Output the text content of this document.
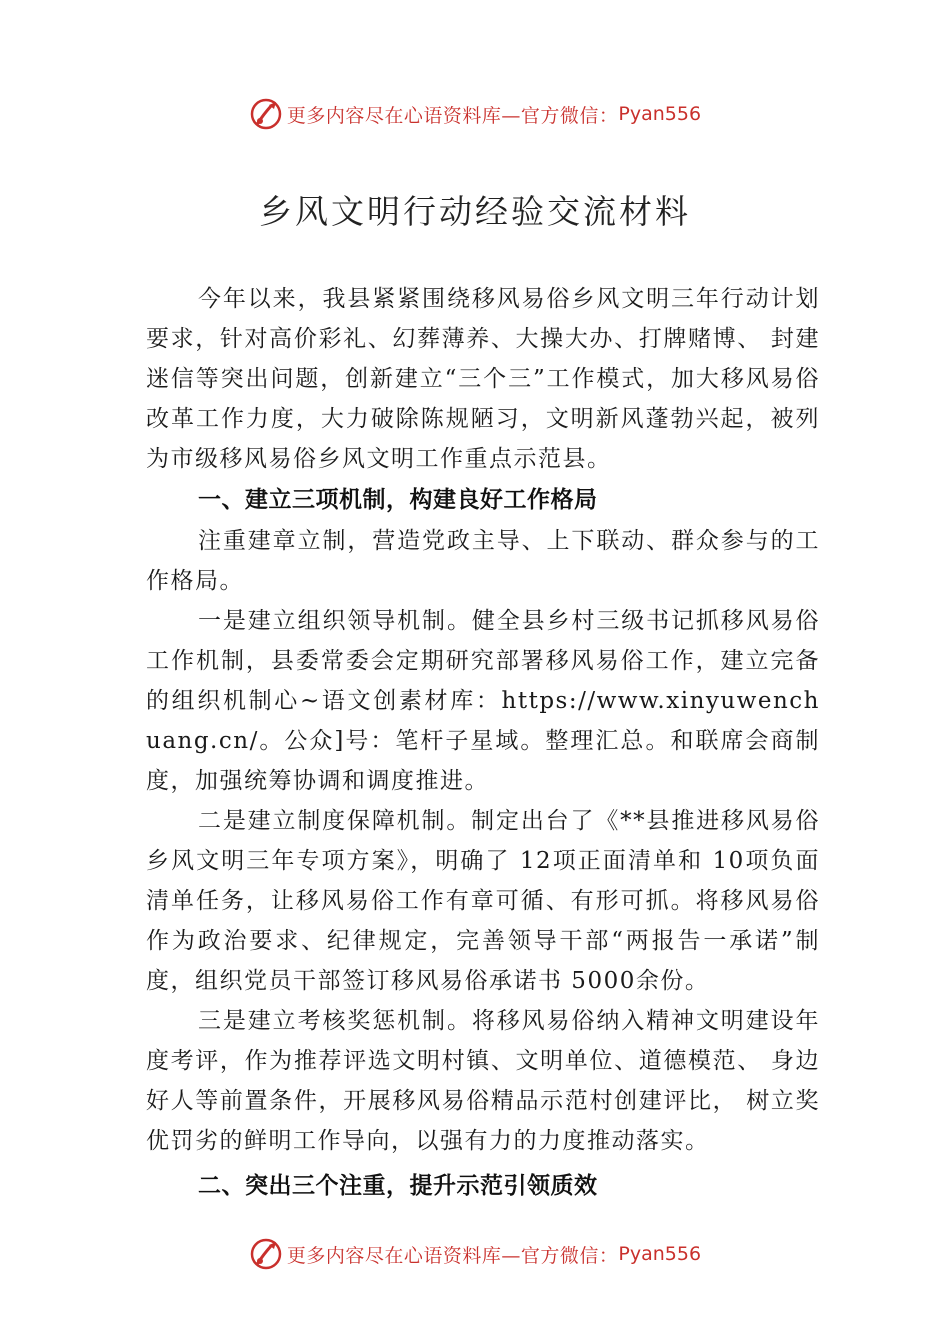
更多内容尽在心语资料库—官方微信： Pyan556
乡风文明行动经验交流材料

今年以来，我县紧紧围绕移风易俗乡风文明三年行动计划要求，针对高价彩礼、幻葬薄养、大操大办、打牌赌博、 封建迷信等突出问题，创新建立“三个三”工作模式，加大移风易俗改革工作力度，大力破除陈规陋习，文明新风蓬勃兴起，被列为市级移风易俗乡风文明工作重点示范县。

一、建立三项机制，构建良好工作格局

注重建章立制，营造党政主导、上下联动、群众参与的工作格局。

一是建立组织领导机制。健全县乡村三级书记抓移风易俗工作机制，县委常委会定期研究部署移风易俗工作，建立完备的组织机制心~语文创素材库：https://www.xinyuwenchuang.cn/。公众]号：笔杆子星域。整理汇总。和联席会商制度，加强统筹协调和调度推进。

二是建立制度保障机制。制定出台了《**县推进移风易俗乡风文明三年专项方案》，明确了 12项正面清单和 10项负面清单任务，让移风易俗工作有章可循、有形可抓。将移风易俗作为政治要求、纪律规定，完善领导干部“两报告一承诺”制度，组织党员干部签订移风易俗承诺书 5000余份。

三是建立考核奖惩机制。将移风易俗纳入精神文明建设年度考评，作为推荐评选文明村镇、文明单位、道德模范、 身边好人等前置条件，开展移风易俗精品示范村创建评比， 树立奖优罚劣的鲜明工作导向，以强有力的力度推动落实。

二、突出三个注重，提升示范引领质效

更多内容尽在心语资料库—官方微信： Pyan556
